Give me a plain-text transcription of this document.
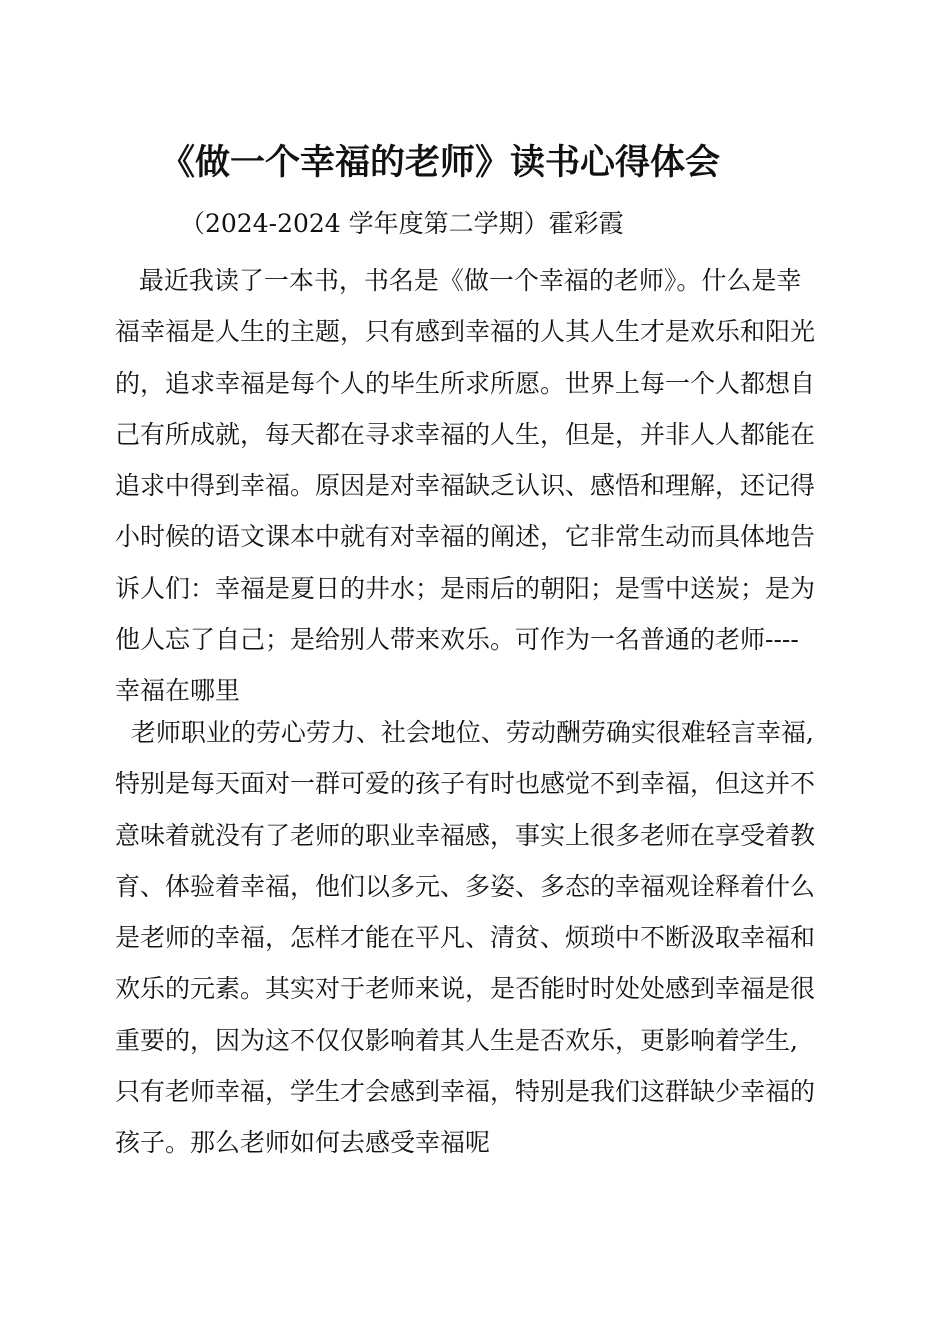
《做一个幸福的老师》读书心得体会
（2024-2024 学年度第二学期）霍彩霞
最近我读了一本书，书名是《做一个幸福的老师》。什么是幸
福幸福是人生的主题，只有感到幸福的人其人生才是欢乐和阳光
的，追求幸福是每个人的毕生所求所愿。世界上每一个人都想自
己有所成就，每天都在寻求幸福的人生，但是，并非人人都能在
追求中得到幸福。原因是对幸福缺乏认识、感悟和理解，还记得
小时候的语文课本中就有对幸福的阐述，它非常生动而具体地告
诉人们：幸福是夏日的井水；是雨后的朝阳；是雪中送炭；是为
他人忘了自己；是给别人带来欢乐。可作为一名普通的老师----
幸福在哪里
老师职业的劳心劳力、社会地位、劳动酬劳确实很难轻言幸福,
特别是每天面对一群可爱的孩子有时也感觉不到幸福，但这并不
意味着就没有了老师的职业幸福感，事实上很多老师在享受着教
育、体验着幸福，他们以多元、多姿、多态的幸福观诠释着什么
是老师的幸福，怎样才能在平凡、清贫、烦琐中不断汲取幸福和
欢乐的元素。其实对于老师来说，是否能时时处处感到幸福是很
重要的，因为这不仅仅影响着其人生是否欢乐，更影响着学生,
只有老师幸福，学生才会感到幸福，特别是我们这群缺少幸福的
孩子。那么老师如何去感受幸福呢
